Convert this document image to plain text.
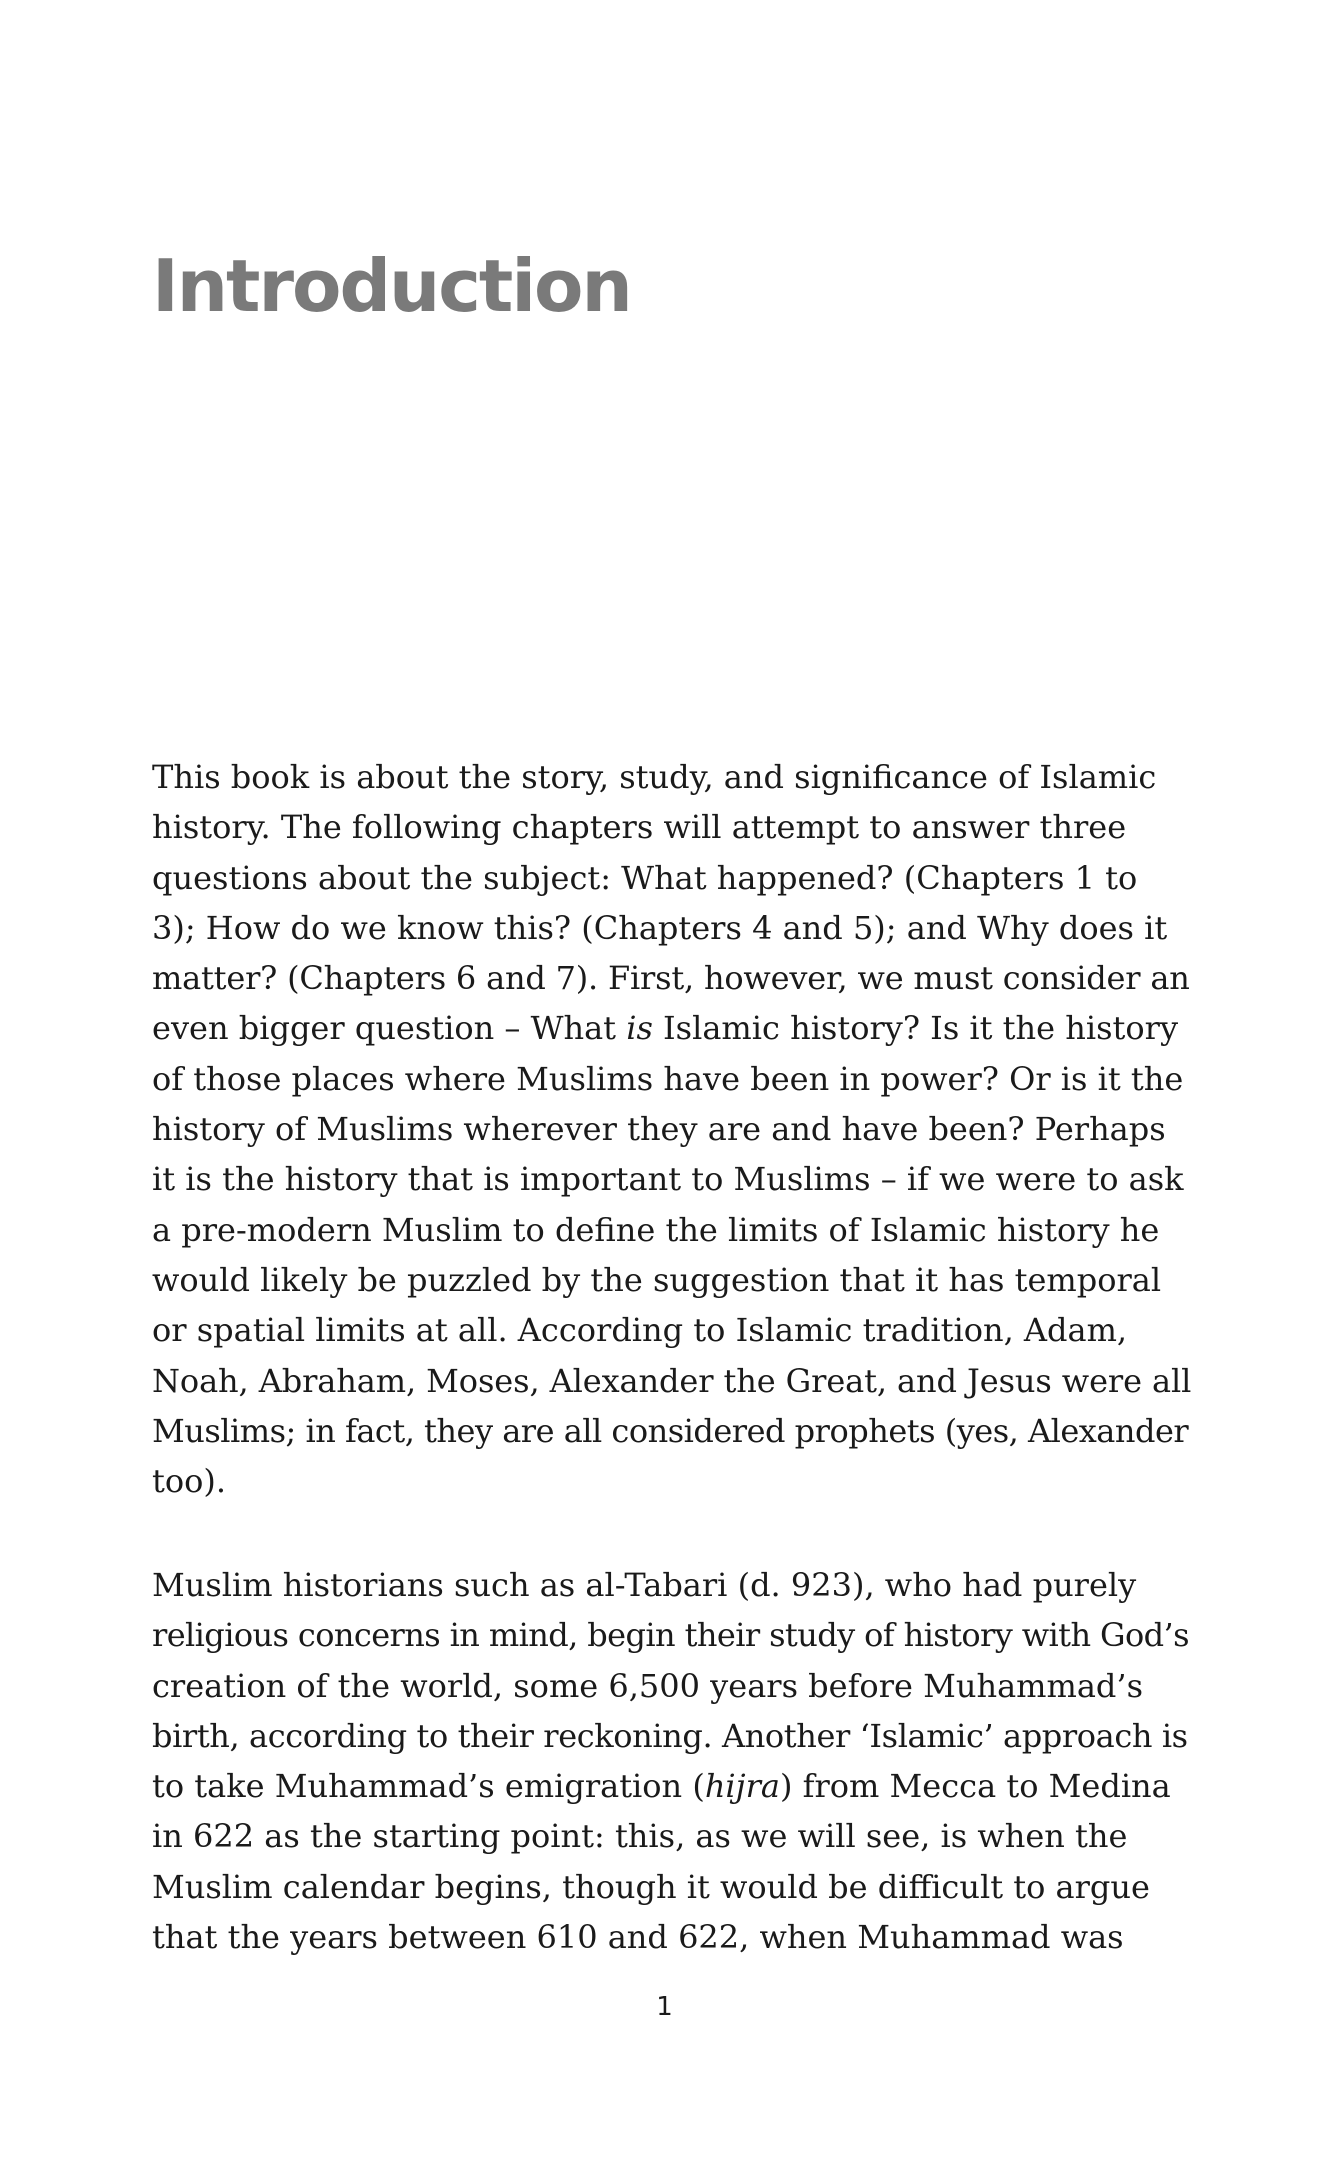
Introduction

This book is about the story, study, and significance of Islamic
history. The following chapters will attempt to answer three
questions about the subject: What happened? (Chapters 1 to
3); How do we know this? (Chapters 4 and 5); and Why does it
matter? (Chapters 6 and 7). First, however, we must consider an
even bigger question – What is Islamic history? Is it the history
of those places where Muslims have been in power? Or is it the
history of Muslims wherever they are and have been? Perhaps
it is the history that is important to Muslims – if we were to ask
a pre-modern Muslim to define the limits of Islamic history he
would likely be puzzled by the suggestion that it has temporal
or spatial limits at all. According to Islamic tradition, Adam,
Noah, Abraham, Moses, Alexander the Great, and Jesus were all
Muslims; in fact, they are all considered prophets (yes, Alexander
too).

Muslim historians such as al-Tabari (d. 923), who had purely
religious concerns in mind, begin their study of history with God’s
creation of the world, some 6,500 years before Muhammad’s
birth, according to their reckoning. Another ‘Islamic’ approach is
to take Muhammad’s emigration (hijra) from Mecca to Medina
in 622 as the starting point: this, as we will see, is when the
Muslim calendar begins, though it would be difficult to argue
that the years between 610 and 622, when Muhammad was

1
